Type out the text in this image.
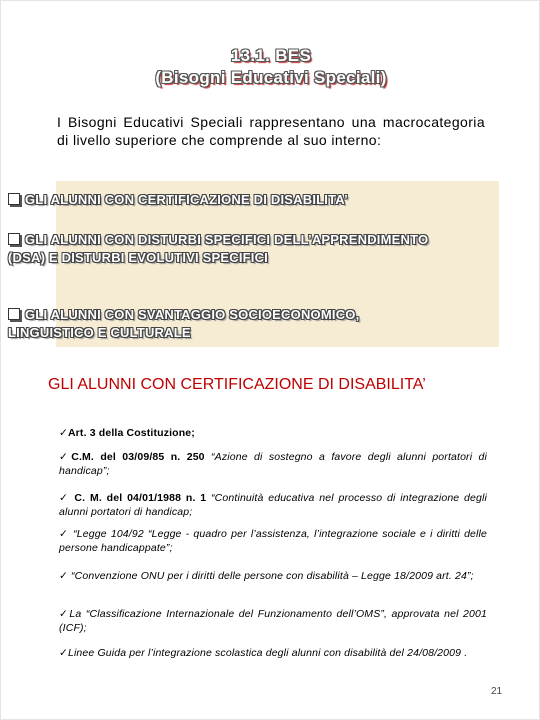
13.1. BES
(Bisogni Educativi Speciali)
I Bisogni Educativi Speciali rappresentano una macrocategoria di livello superiore che comprende al suo interno:
GLI ALUNNI CON CERTIFICAZIONE DI DISABILITA’
GLI ALUNNI CON DISTURBI SPECIFICI DELL’APPRENDIMENTO (DSA) E DISTURBI EVOLUTIVI SPECIFICI
GLI ALUNNI CON SVANTAGGIO SOCIOECONOMICO, LINGUISTICO E CULTURALE
GLI ALUNNI CON CERTIFICAZIONE DI DISABILITA’
✓Art. 3 della Costituzione;
✓C.M. del 03/09/85 n. 250 “Azione di sostegno a favore degli alunni portatori di handicap”;
✓ C. M. del 04/01/1988 n. 1 “Continuità educativa nel processo di integrazione degli alunni portatori di handicap;
✓ “Legge 104/92 “Legge - quadro per l’assistenza, l’integrazione sociale e i diritti delle persone handicappate”;
✓ “Convenzione ONU per i diritti delle persone con disabilità – Legge 18/2009 art. 24”;
✓La “Classificazione Internazionale del Funzionamento dell’OMS”, approvata nel 2001 (ICF);
✓Linee Guida per l’integrazione scolastica degli alunni con disabilità del 24/08/2009 .
21
